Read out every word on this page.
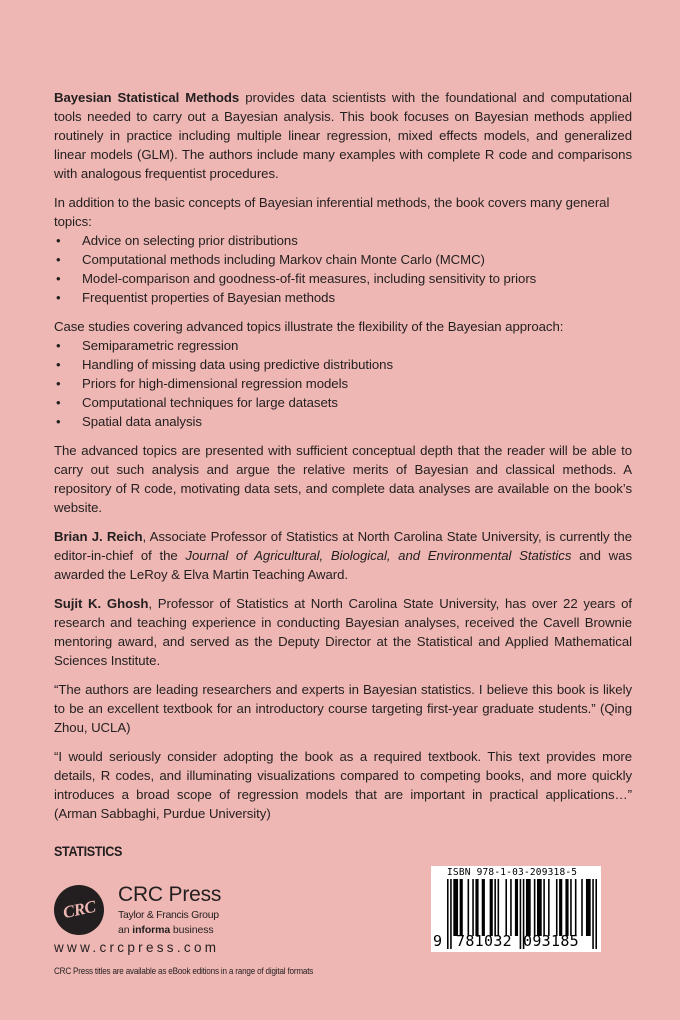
Bayesian Statistical Methods provides data scientists with the foundational and computational tools needed to carry out a Bayesian analysis. This book focuses on Bayesian methods applied routinely in practice including multiple linear regression, mixed effects models, and generalized linear models (GLM). The authors include many examples with complete R code and comparisons with analogous frequentist procedures.

In addition to the basic concepts of Bayesian inferential methods, the book covers many general topics:

• Advice on selecting prior distributions
• Computational methods including Markov chain Monte Carlo (MCMC)
• Model-comparison and goodness-of-fit measures, including sensitivity to priors
• Frequentist properties of Bayesian methods

Case studies covering advanced topics illustrate the flexibility of the Bayesian approach:

• Semiparametric regression
• Handling of missing data using predictive distributions
• Priors for high-dimensional regression models
• Computational techniques for large datasets
• Spatial data analysis

The advanced topics are presented with sufficient conceptual depth that the reader will be able to carry out such analysis and argue the relative merits of Bayesian and classical methods. A repository of R code, motivating data sets, and complete data analyses are available on the book’s website.

Brian J. Reich, Associate Professor of Statistics at North Carolina State University, is currently the editor-in-chief of the Journal of Agricultural, Biological, and Environmental Statistics and was awarded the LeRoy & Elva Martin Teaching Award.

Sujit K. Ghosh, Professor of Statistics at North Carolina State University, has over 22 years of research and teaching experience in conducting Bayesian analyses, received the Cavell Brownie mentoring award, and served as the Deputy Director at the Statistical and Applied Mathematical Sciences Institute.

“The authors are leading researchers and experts in Bayesian statistics. I believe this book is likely to be an excellent textbook for an introductory course targeting first-year graduate students.” (Qing Zhou, UCLA)

“I would seriously consider adopting the book as a required textbook. This text provides more details, R codes, and illuminating visualizations compared to competing books, and more quickly introduces a broad scope of regression models that are important in practical applications…” (Arman Sabbaghi, Purdue University)

STATISTICS
CRC
CRC Press
Taylor & Francis Group
an informa business
www.crcpress.com
CRC Press titles are available as eBook editions in a range of digital formats
ISBN 978-1-03-209318-5
9 781032 093185
